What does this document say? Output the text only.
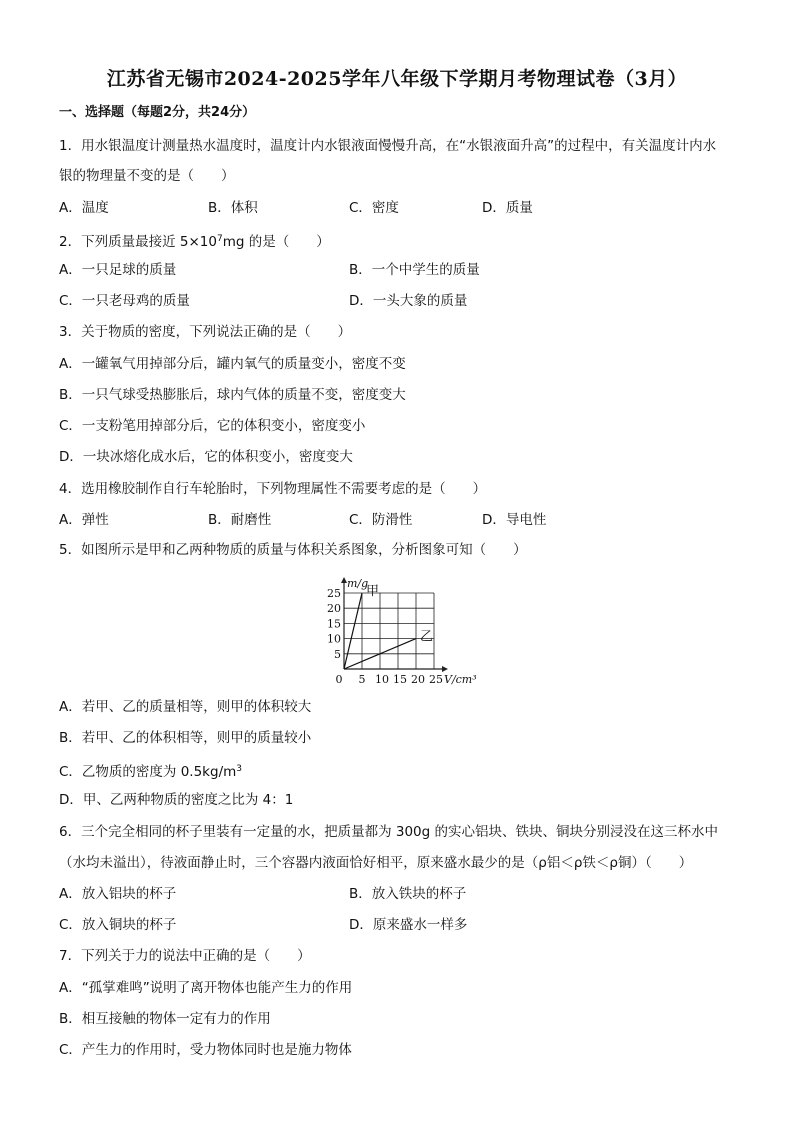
江苏省无锡市2024-2025学年八年级下学期月考物理试卷（3月）
一、选择题（每题2分，共24分）
1．用水银温度计测量热水温度时，温度计内水银液面慢慢升高，在“水银液面升高”的过程中，有关温度计内水
银的物理量不变的是（　　）
A．温度	B．体积	C．密度	D．质量
2．下列质量最接近 $5\times 10^7mg$ 的是（　　）
A．一只足球的质量	B．一个中学生的质量
C．一只老母鸡的质量	D．一头大象的质量
3．关于物质的密度，下列说法正确的是（　　）
A．一罐氧气用掉部分后，罐内氧气的质量变小，密度不变
B．一只气球受热膨胀后，球内气体的质量不变，密度变大
C．一支粉笔用掉部分后，它的体积变小，密度变小
D．一块冰熔化成水后，它的体积变小，密度变大
4．选用橡胶制作自行车轮胎时，下列物理属性不需要考虑的是（　　）
A．弹性	B．耐磨性	C．防滑性	D．导电性
5．如图所示是甲和乙两种物质的质量与体积关系图象，分析图象可知（　　）
5
10
15
20
25
0 5 10 15 20 25 V/cm³
m/g
甲
乙
A．若甲、乙的质量相等，则甲的体积较大
B．若甲、乙的体积相等，则甲的质量较小
C．乙物质的密度为 $0.5kg/m^3$
D．甲、乙两种物质的密度之比为 4：1
6．三个完全相同的杯子里装有一定量的水，把质量都为 300g 的实心铝块、铁块、铜块分别浸没在这三杯水中
（水均未溢出），待液面静止时，三个容器内液面恰好相平，原来盛水最少的是（ρ铝＜ρ铁＜ρ铜）（　　）
A．放入铝块的杯子	B．放入铁块的杯子
C．放入铜块的杯子	D．原来盛水一样多
7．下列关于力的说法中正确的是（　　）
A．“孤掌难鸣”说明了离开物体也能产生力的作用
B．相互接触的物体一定有力的作用
C．产生力的作用时，受力物体同时也是施力物体
